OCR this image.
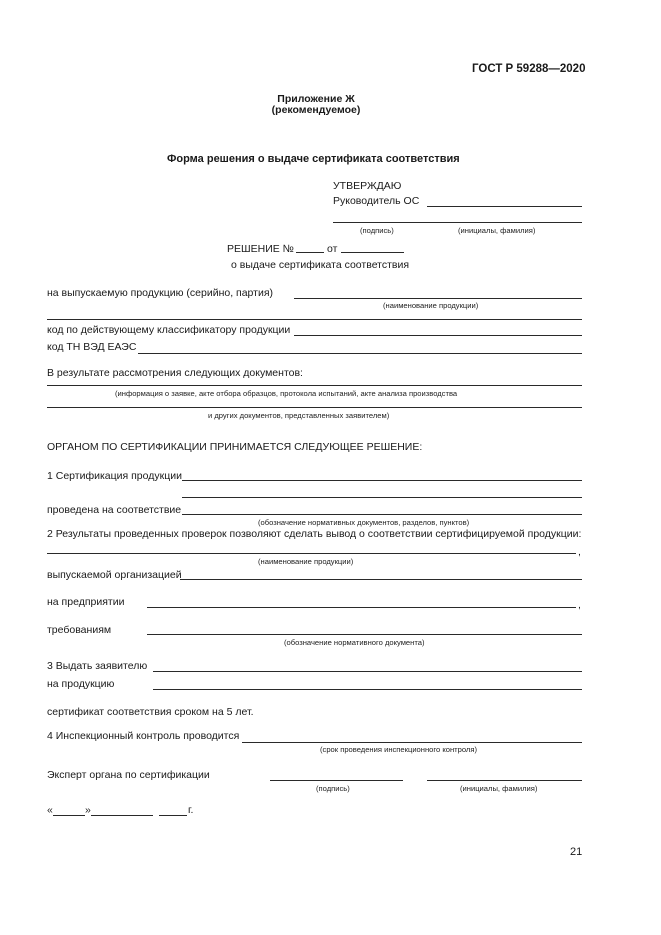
ГОСТ Р 59288—2020
Приложение Ж
(рекомендуемое)
Форма решения о выдаче сертификата соответствия
УТВЕРЖДАЮ
Руководитель ОС
(подпись)	(инициалы, фамилия)
РЕШЕНИЕ №	от
о выдаче сертификата соответствия
на выпускаемую продукцию (серийно, партия)
(наименование продукции)
код по действующему классификатору продукции
код ТН ВЭД ЕАЭС
В результате рассмотрения следующих документов:
(информация о заявке, акте отбора образцов, протокола испытаний, акте анализа производства
и других документов, представленных заявителем)
ОРГАНОМ ПО СЕРТИФИКАЦИИ ПРИНИМАЕТСЯ СЛЕДУЮЩЕЕ РЕШЕНИЕ:
1 Сертификация продукции
проведена на соответствие
(обозначение нормативных документов, разделов, пунктов)
2 Результаты проведенных проверок позволяют сделать вывод о соответствии сертифицируемой продукции:
,
(наименование продукции)
выпускаемой организацией
на предприятии	,
требованиям
(обозначение нормативного документа)
3 Выдать заявителю
на продукцию
сертификат соответствия сроком на 5 лет.
4 Инспекционный контроль проводится
(срок проведения инспекционного контроля)
Эксперт органа по сертификации
(подпись)	(инициалы, фамилия)
«	»	г.
21
